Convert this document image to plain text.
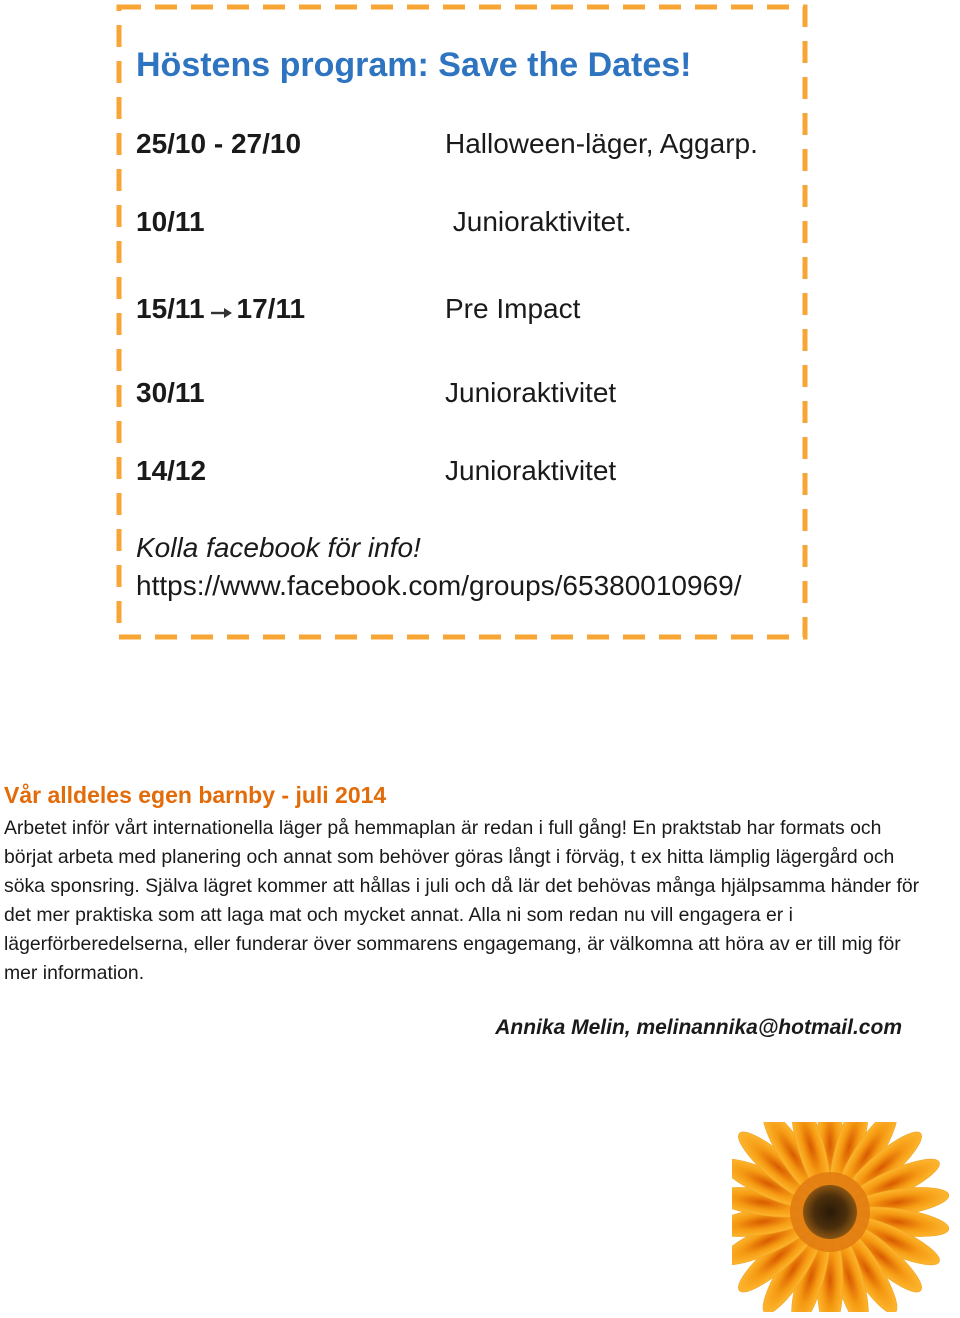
Höstens program: Save the Dates!
25/10 - 27/10	Halloween-läger, Aggarp.
10/11	Junioraktivitet.
15/11 17/11	Pre Impact
30/11	Junioraktivitet
14/12	Junioraktivitet
Kolla facebook för info!
https://www.facebook.com/groups/65380010969/
Vår alldeles egen barnby - juli 2014

Arbetet inför vårt internationella läger på hemmaplan är redan i full gång! En praktstab har formats och börjat arbeta med planering och annat som behöver göras långt i förväg, t ex hitta lämplig lägergård och söka sponsring. Själva lägret kommer att hållas i juli och då lär det behövas många hjälpsamma händer för det mer praktiska som att laga mat och mycket annat. Alla ni som redan nu vill engagera er i lägerförberedelserna, eller funderar över sommarens engagemang, är välkomna att höra av er till mig för mer information.

Annika Melin, melinannika@hotmail.com
